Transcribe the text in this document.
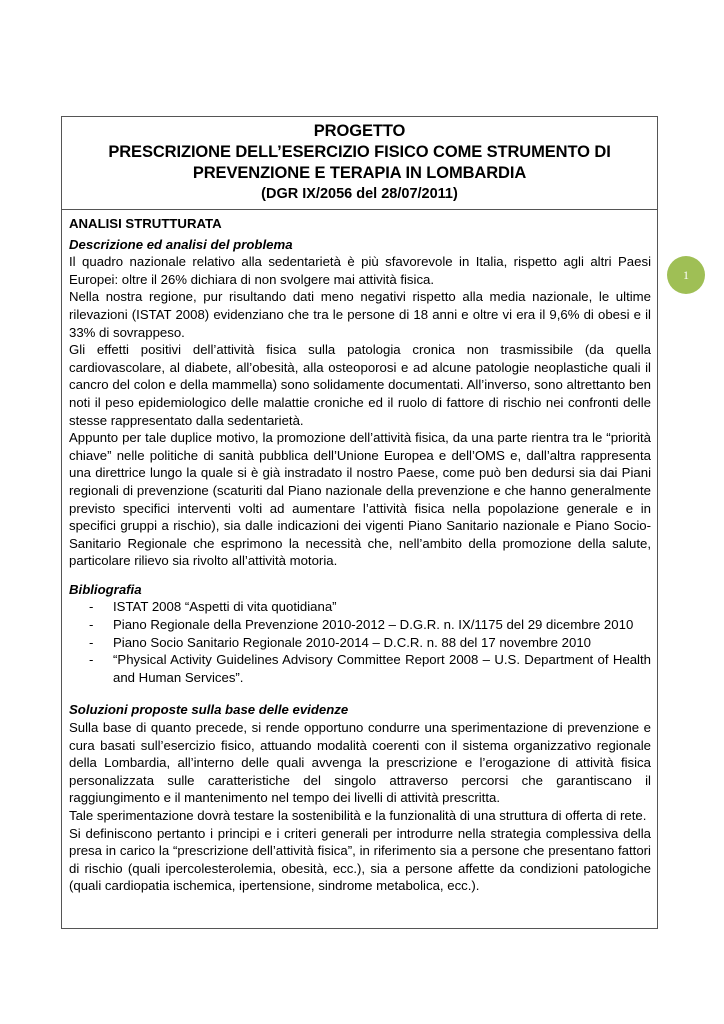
PROGETTO
PRESCRIZIONE DELL’ESERCIZIO FISICO COME STRUMENTO DI
PREVENZIONE E TERAPIA IN LOMBARDIA
(DGR IX/2056 del 28/07/2011)
ANALISI STRUTTURATA
Descrizione ed analisi del problema

Il quadro nazionale relativo alla sedentarietà è più sfavorevole in Italia, rispetto agli altri Paesi Europei: oltre il 26% dichiara di non svolgere mai attività fisica.

Nella nostra regione, pur risultando dati meno negativi rispetto alla media nazionale, le ultime rilevazioni (ISTAT 2008) evidenziano che tra le persone di 18 anni e oltre vi era il 9,6% di obesi e il 33% di sovrappeso.

Gli effetti positivi dell’attività fisica sulla patologia cronica non trasmissibile (da quella cardiovascolare, al diabete, all’obesità, alla osteoporosi e ad alcune patologie neoplastiche quali il cancro del colon e della mammella) sono solidamente documentati. All’inverso, sono altrettanto ben noti il peso epidemiologico delle malattie croniche ed il ruolo di fattore di rischio nei confronti delle stesse rappresentato dalla sedentarietà.

Appunto per tale duplice motivo, la promozione dell’attività fisica, da una parte rientra tra le “priorità chiave” nelle politiche di sanità pubblica dell’Unione Europea e dell’OMS e, dall’altra rappresenta una direttrice lungo la quale si è già instradato il nostro Paese, come può ben dedursi sia dai Piani regionali di prevenzione (scaturiti dal Piano nazionale della prevenzione e che hanno generalmente previsto specifici interventi volti ad aumentare l’attività fisica nella popolazione generale e in specifici gruppi a rischio), sia dalle indicazioni dei vigenti Piano Sanitario nazionale e Piano Socio-Sanitario Regionale che esprimono la necessità che, nell’ambito della promozione della salute, particolare rilievo sia rivolto all’attività motoria.

Bibliografia
- ISTAT 2008 “Aspetti di vita quotidiana”
- Piano Regionale della Prevenzione 2010-2012 – D.G.R. n. IX/1175 del 29 dicembre 2010
- Piano Socio Sanitario Regionale 2010-2014 – D.C.R. n. 88 del 17 novembre 2010
- “Physical Activity Guidelines Advisory Committee Report 2008 – U.S. Department of Health and Human Services”.
Soluzioni proposte sulla base delle evidenze

Sulla base di quanto precede, si rende opportuno condurre una sperimentazione di prevenzione e cura basati sull’esercizio fisico, attuando modalità coerenti con il sistema organizzativo regionale della Lombardia, all’interno delle quali avvenga la prescrizione e l’erogazione di attività fisica personalizzata sulle caratteristiche del singolo attraverso percorsi che garantiscano il raggiungimento e il mantenimento nel tempo dei livelli di attività prescritta.

Tale sperimentazione dovrà testare la sostenibilità e la funzionalità di una struttura di offerta di rete.

Si definiscono pertanto i principi e i criteri generali per introdurre nella strategia complessiva della presa in carico la “prescrizione dell’attività fisica”, in riferimento sia a persone che presentano fattori di rischio (quali ipercolesterolemia, obesità, ecc.), sia a persone affette da condizioni patologiche (quali cardiopatia ischemica, ipertensione, sindrome metabolica, ecc.).

1
